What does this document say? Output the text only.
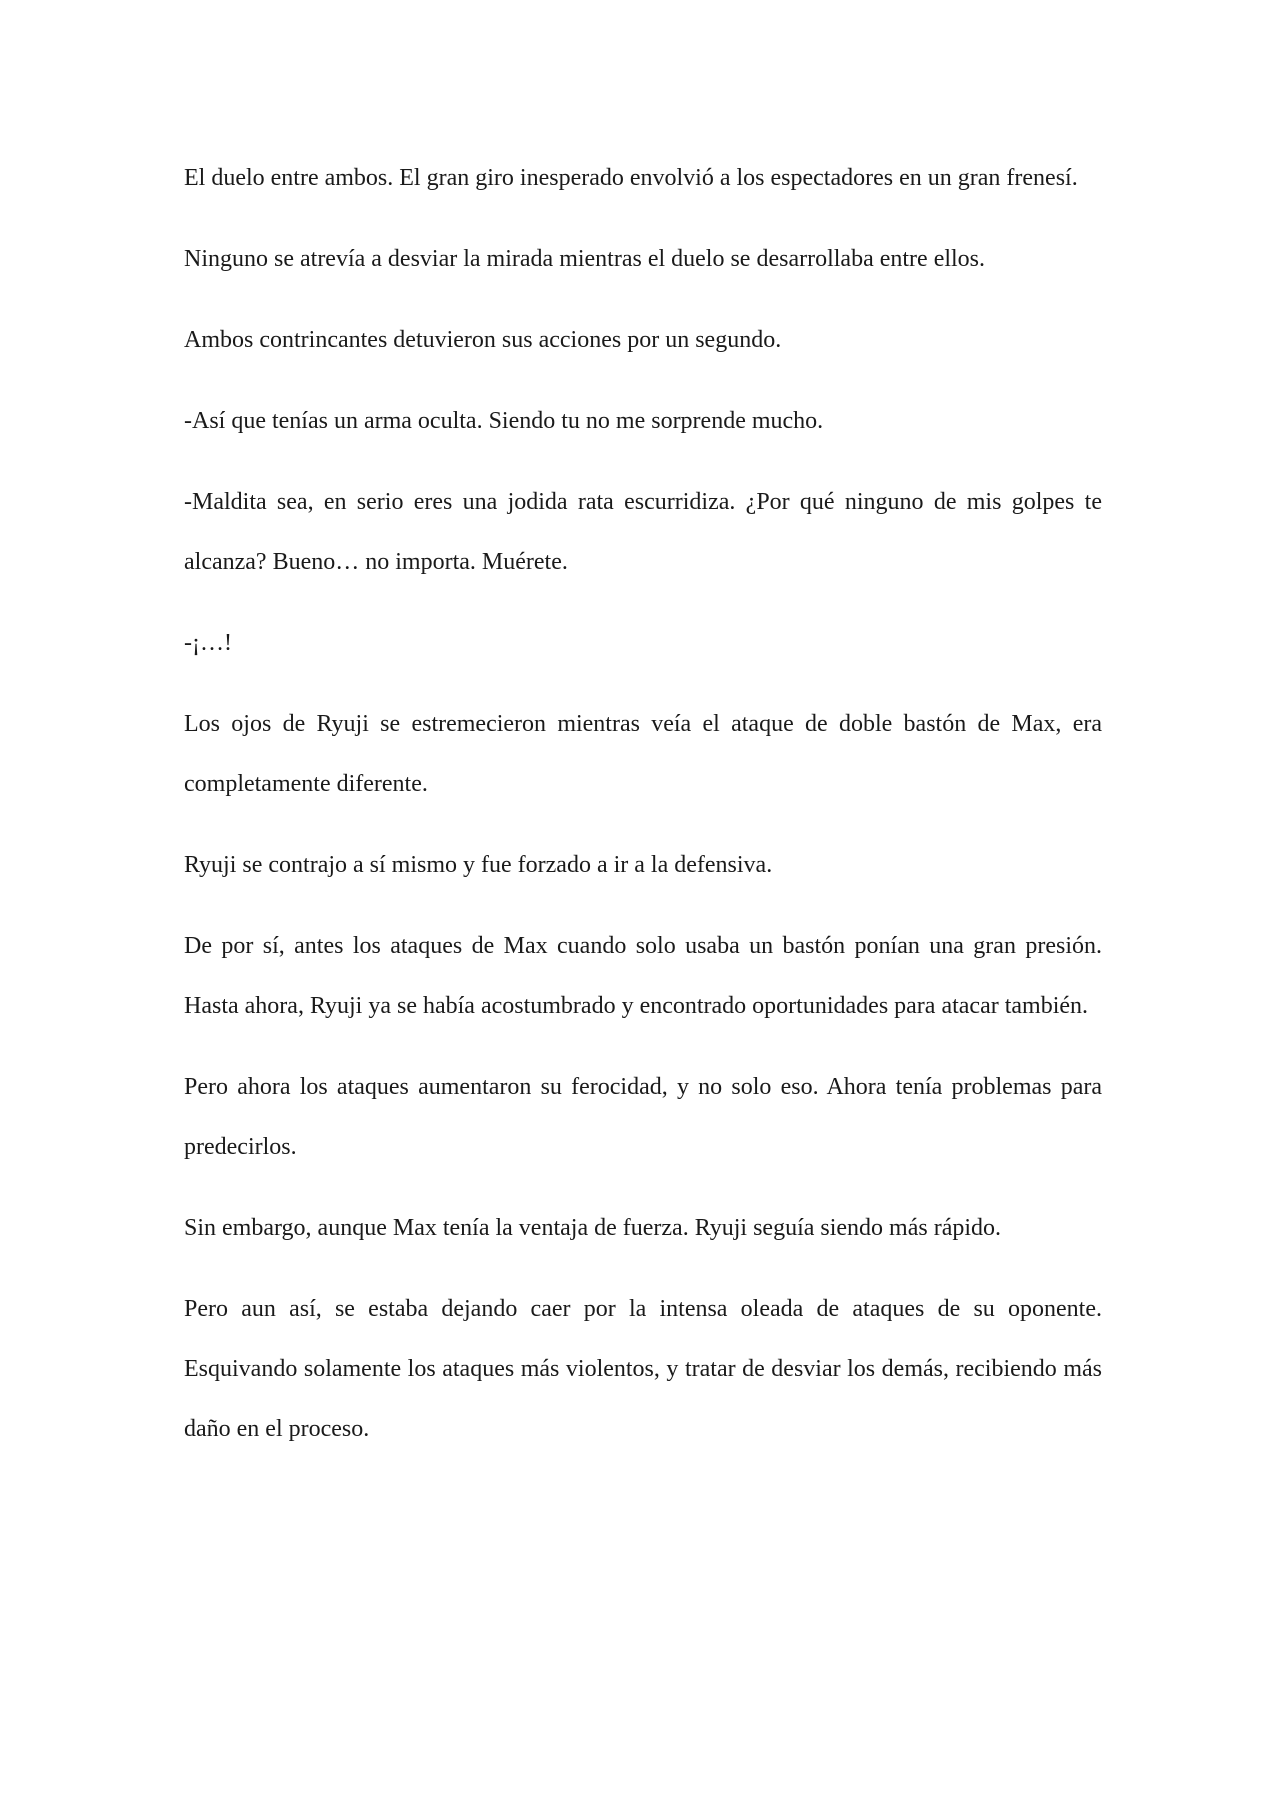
El duelo entre ambos. El gran giro inesperado envolvió a los espectadores en un gran frenesí.

Ninguno se atrevía a desviar la mirada mientras el duelo se desarrollaba entre ellos.

Ambos contrincantes detuvieron sus acciones por un segundo.

-Así que tenías un arma oculta. Siendo tu no me sorprende mucho.

-Maldita sea, en serio eres una jodida rata escurridiza. ¿Por qué ninguno de mis golpes te alcanza? Bueno… no importa. Muérete.

-¡…!

Los ojos de Ryuji se estremecieron mientras veía el ataque de doble bastón de Max, era completamente diferente.

Ryuji se contrajo a sí mismo y fue forzado a ir a la defensiva.

De por sí, antes los ataques de Max cuando solo usaba un bastón ponían una gran presión. Hasta ahora, Ryuji ya se había acostumbrado y encontrado oportunidades para atacar también.

Pero ahora los ataques aumentaron su ferocidad, y no solo eso. Ahora tenía problemas para predecirlos.

Sin embargo, aunque Max tenía la ventaja de fuerza. Ryuji seguía siendo más rápido.

Pero aun así, se estaba dejando caer por la intensa oleada de ataques de su oponente. Esquivando solamente los ataques más violentos, y tratar de desviar los demás, recibiendo más daño en el proceso.
